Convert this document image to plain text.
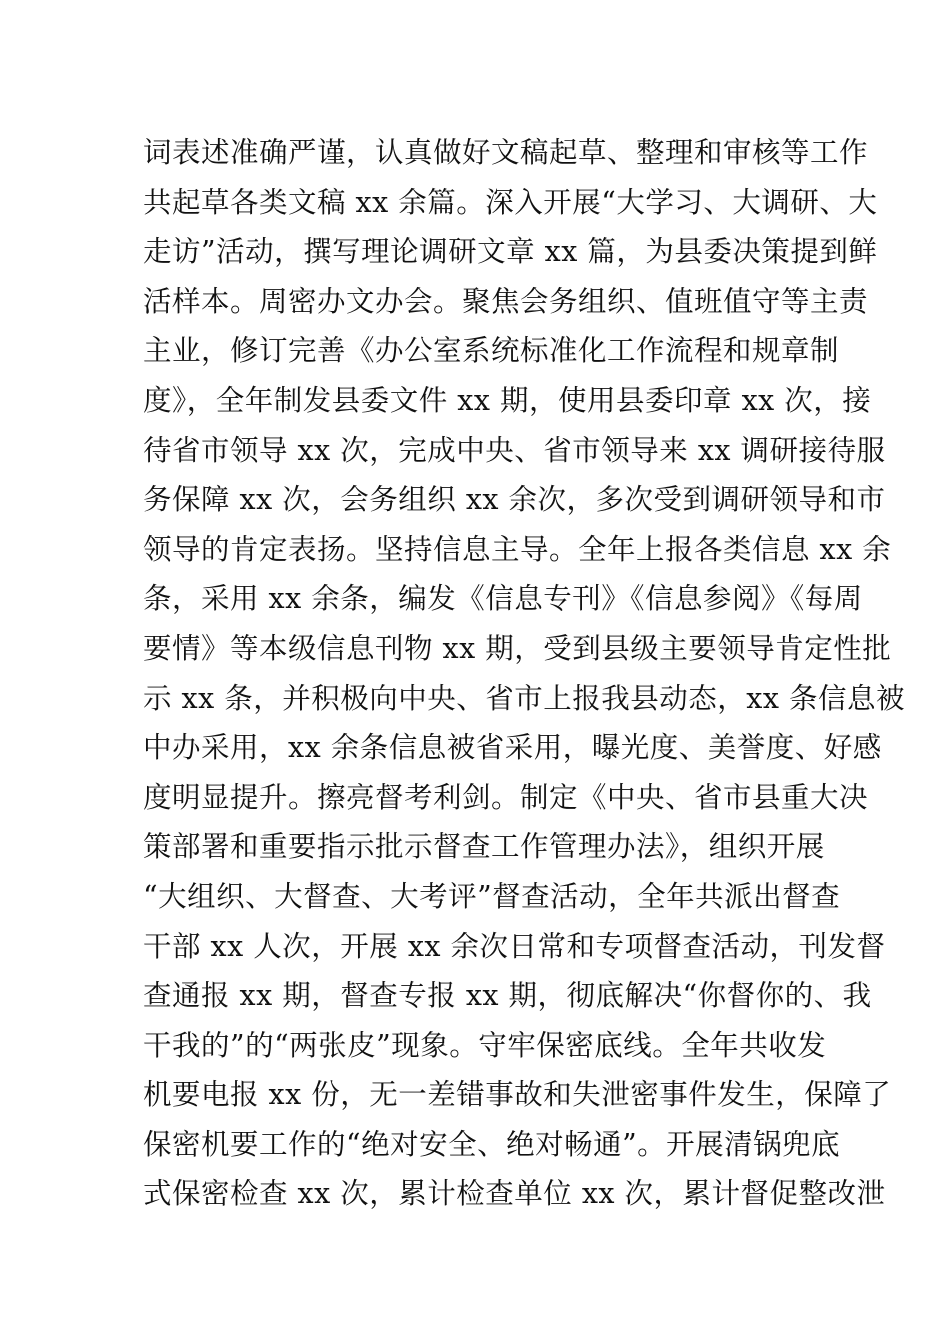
词表述准确严谨，认真做好文稿起草、整理和审核等工作
共起草各类文稿 xx 余篇。深入开展“大学习、大调研、大
走访”活动，撰写理论调研文章 xx 篇，为县委决策提到鲜
活样本。周密办文办会。聚焦会务组织、值班值守等主责
主业，修订完善《办公室系统标准化工作流程和规章制
度》，全年制发县委文件 xx 期，使用县委印章 xx 次，接
待省市领导 xx 次，完成中央、省市领导来 xx 调研接待服
务保障 xx 次，会务组织 xx 余次，多次受到调研领导和市
领导的肯定表扬。坚持信息主导。全年上报各类信息 xx 余
条，采用 xx 余条，编发《信息专刊》《信息参阅》《每周
要情》等本级信息刊物 xx 期，受到县级主要领导肯定性批
示 xx 条，并积极向中央、省市上报我县动态，xx 条信息被
中办采用，xx 余条信息被省采用，曝光度、美誉度、好感
度明显提升。擦亮督考利剑。制定《中央、省市县重大决
策部署和重要指示批示督查工作管理办法》，组织开展
“大组织、大督查、大考评”督查活动，全年共派出督查
干部 xx 人次，开展 xx 余次日常和专项督查活动，刊发督
查通报 xx 期，督查专报 xx 期，彻底解决“你督你的、我
干我的”的“两张皮”现象。守牢保密底线。全年共收发
机要电报 xx 份，无一差错事故和失泄密事件发生，保障了
保密机要工作的“绝对安全、绝对畅通”。开展清锅兜底
式保密检查 xx 次，累计检查单位 xx 次，累计督促整改泄
